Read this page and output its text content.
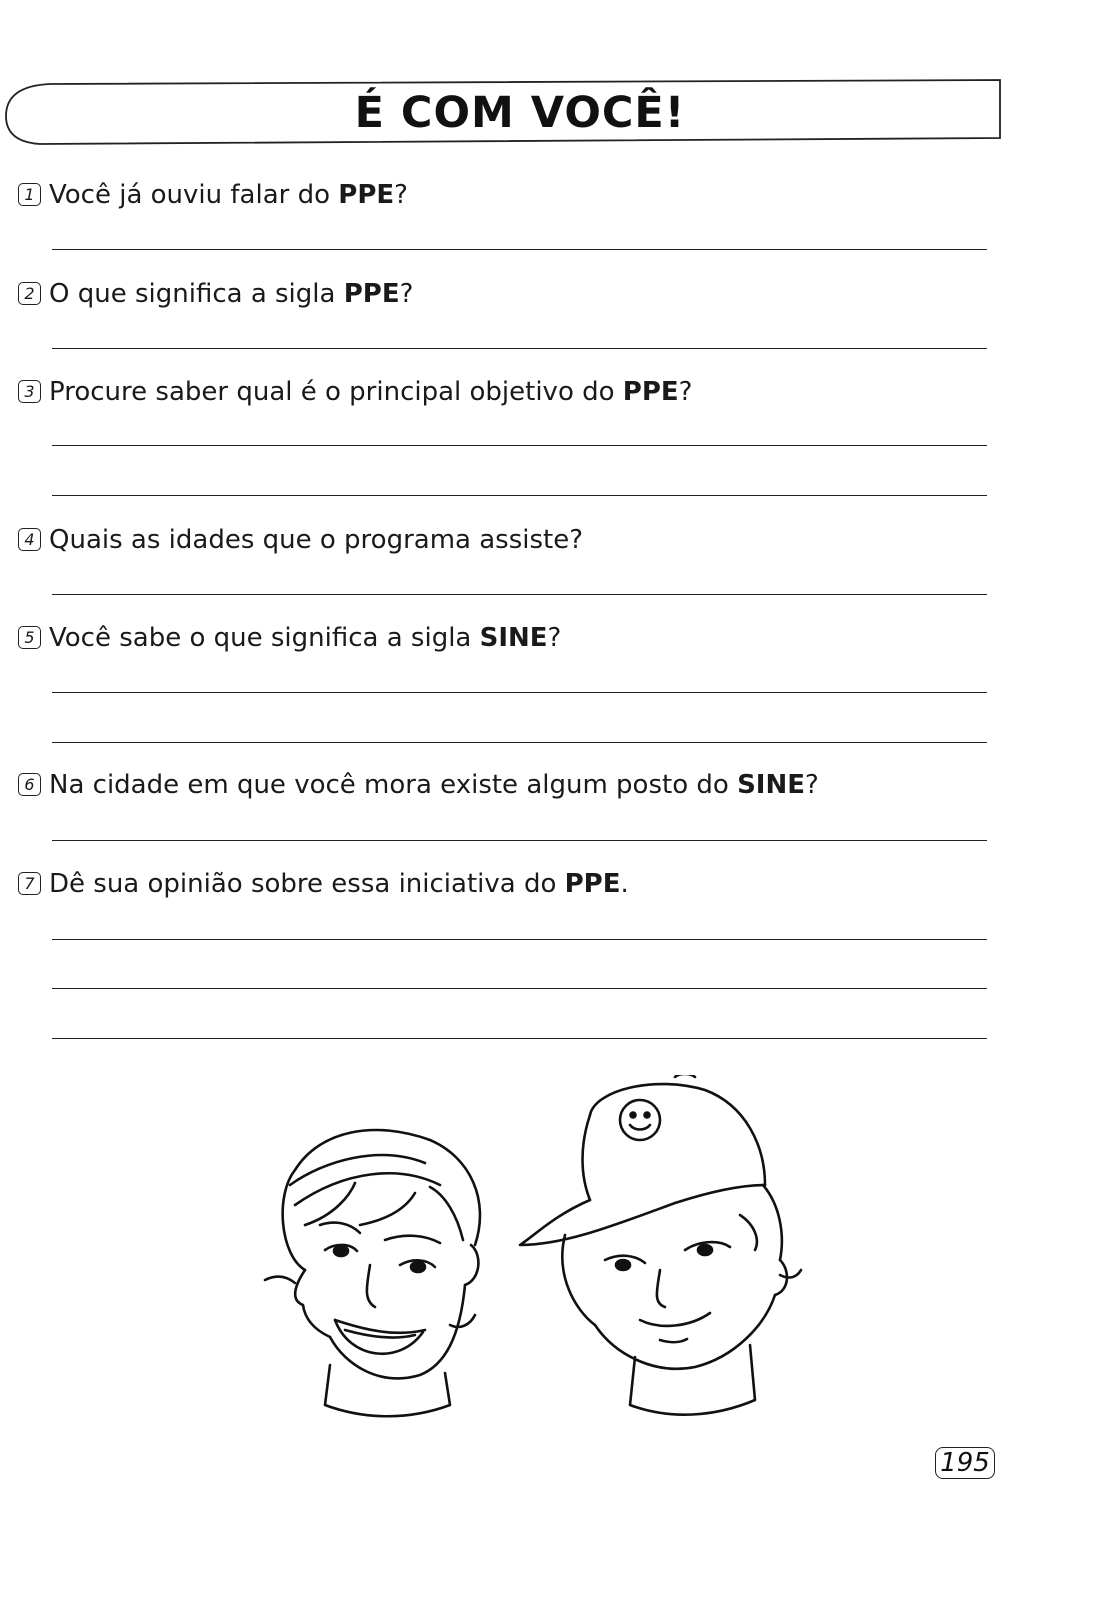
É COM VOCÊ!
1 Você já ouviu falar do PPE?
2 O que significa a sigla PPE?
3 Procure saber qual é o principal objetivo do PPE?
4 Quais as idades que o programa assiste?
5 Você sabe o que significa a sigla SINE?
6 Na cidade em que você mora existe algum posto do SINE?
7 Dê sua opinião sobre essa iniciativa do PPE.
195
